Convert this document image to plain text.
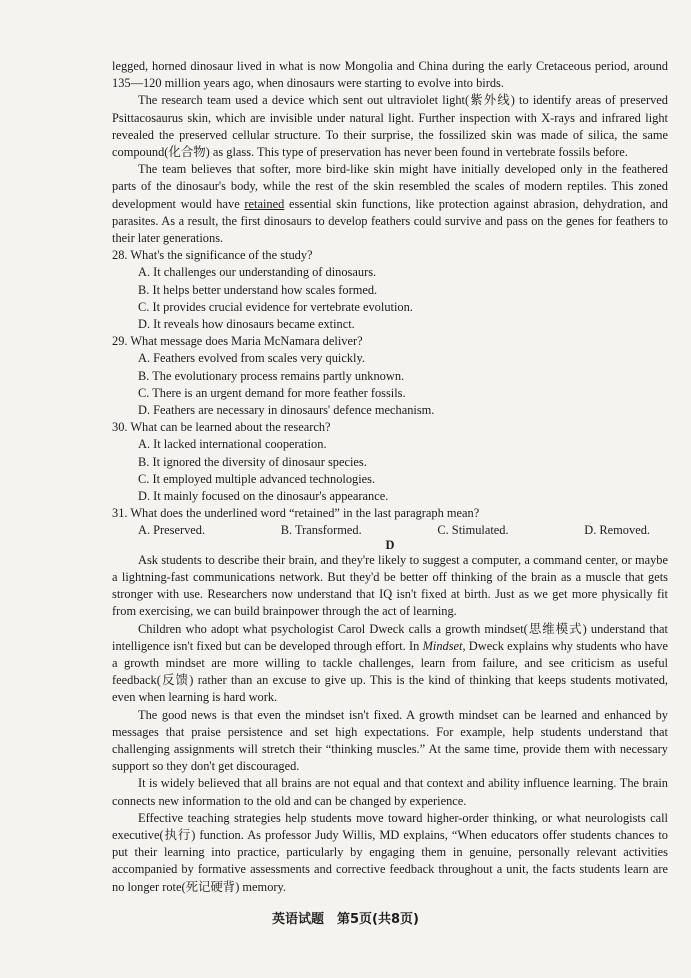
legged, horned dinosaur lived in what is now Mongolia and China during the early Cretaceous period, around 135—120 million years ago, when dinosaurs were starting to evolve into birds.

The research team used a device which sent out ultraviolet light(紫外线) to identify areas of preserved Psittacosaurus skin, which are invisible under natural light. Further inspection with X-rays and infrared light revealed the preserved cellular structure. To their surprise, the fossilized skin was made of silica, the same compound(化合物) as glass. This type of preservation has never been found in vertebrate fossils before.

The team believes that softer, more bird-like skin might have initially developed only in the feathered parts of the dinosaur's body, while the rest of the skin resembled the scales of modern reptiles. This zoned development would have retained essential skin functions, like protection against abrasion, dehydration, and parasites. As a result, the first dinosaurs to develop feathers could survive and pass on the genes for feathers to their later generations.

28. What's the significance of the study?

A. It challenges our understanding of dinosaurs.

B. It helps better understand how scales formed.

C. It provides crucial evidence for vertebrate evolution.

D. It reveals how dinosaurs became extinct.

29. What message does Maria McNamara deliver?

A. Feathers evolved from scales very quickly.

B. The evolutionary process remains partly unknown.

C. There is an urgent demand for more feather fossils.

D. Feathers are necessary in dinosaurs' defence mechanism.

30. What can be learned about the research?

A. It lacked international cooperation.

B. It ignored the diversity of dinosaur species.

C. It employed multiple advanced technologies.

D. It mainly focused on the dinosaur's appearance.

31. What does the underlined word “retained” in the last paragraph mean?

A. Preserved.	B. Transformed.	C. Stimulated.	D. Removed.

D

Ask students to describe their brain, and they're likely to suggest a computer, a command center, or maybe a lightning-fast communications network. But they'd be better off thinking of the brain as a muscle that gets stronger with use. Researchers now understand that IQ isn't fixed at birth. Just as we get more physically fit from exercising, we can build brainpower through the act of learning.

Children who adopt what psychologist Carol Dweck calls a growth mindset(思维模式) understand that intelligence isn't fixed but can be developed through effort. In Mindset, Dweck explains why students who have a growth mindset are more willing to tackle challenges, learn from failure, and see criticism as useful feedback(反馈) rather than an excuse to give up. This is the kind of thinking that keeps students motivated, even when learning is hard work.

The good news is that even the mindset isn't fixed. A growth mindset can be learned and enhanced by messages that praise persistence and set high expectations. For example, help students understand that challenging assignments will stretch their “thinking muscles.” At the same time, provide them with necessary support so they don't get discouraged.

It is widely believed that all brains are not equal and that context and ability influence learning. The brain connects new information to the old and can be changed by experience.

Effective teaching strategies help students move toward higher-order thinking, or what neurologists call executive(执行) function. As professor Judy Willis, MD explains, “When educators offer students chances to put their learning into practice, particularly by engaging them in genuine, personally relevant activities accompanied by formative assessments and corrective feedback throughout a unit, the facts students learn are no longer rote(死记硬背) memory.

英语试题　第5页(共8页)
